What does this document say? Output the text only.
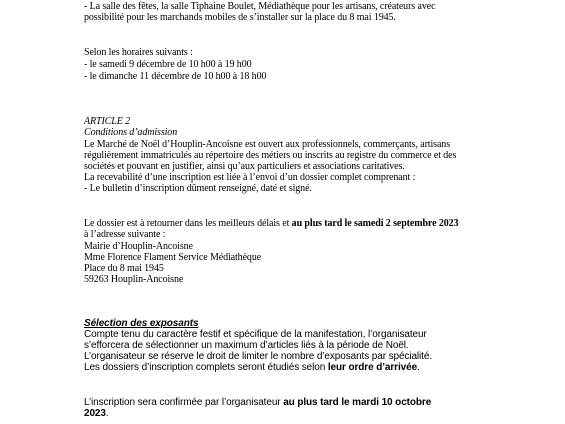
- La salle des fêtes, la salle Tiphaine Boulet, Médiathèque pour les artisans, créateurs avec
possibilité pour les marchands mobiles de s’installer sur la place du 8 mai 1945.
Selon les horaires suivants :
- le samedi 9 décembre de 10 h00 à 19 h00
- le dimanche 11 décembre de 10 h00 à 18 h00
ARTICLE 2
Conditions d’admission
Le Marché de Noël d’Houplin-Ancoisne est ouvert aux professionnels, commerçants, artisans
régulièrement immatriculés au répertoire des métiers ou inscrits au registre du commerce et des
sociétés et pouvant en justifier, ainsi qu’aux particuliers et associations caritatives.
La recevabilité d’une inscription est liée à l’envoi d’un dossier complet comprenant :
- Le bulletin d’inscription dûment renseigné, daté et signé.
Le dossier est à retourner dans les meilleurs délais et au plus tard le samedi 2 septembre 2023
à l’adresse suivante :
Mairie d’Houplin-Ancoisne
Mme Florence Flament Service Médiathèque
Place du 8 mai 1945
59263 Houplin-Ancoisne
Sélection des exposants
Compte tenu du caractère festif et spécifique de la manifestation, l’organisateur
s’efforcera de sélectionner un maximum d’articles liés à la période de Noël.
L’organisateur se réserve le droit de limiter le nombre d’exposants par spécialité.
Les dossiers d’inscription complets seront étudiés selon leur ordre d’arrivée.
L’inscription sera confirmée par l’organisateur au plus tard le mardi 10 octobre
2023.
